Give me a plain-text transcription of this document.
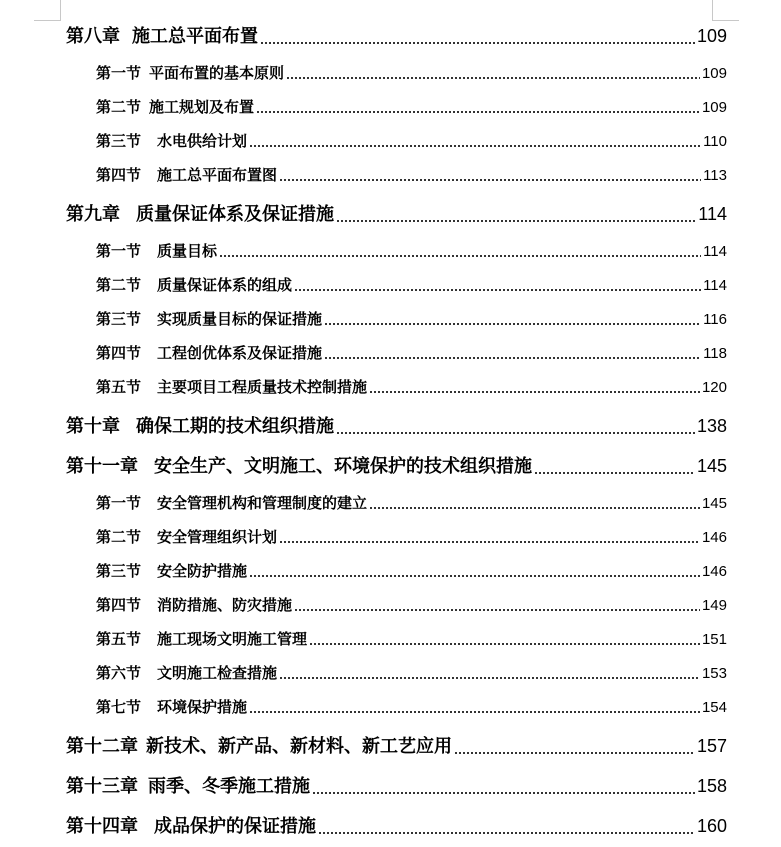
第八章 施工总平面布置	109
第一节 平面布置的基本原则	109
第二节 施工规划及布置	109
第三节 水电供给计划	110
第四节 施工总平面布置图	113
第九章 质量保证体系及保证措施	114
第一节 质量目标	114
第二节 质量保证体系的组成	114
第三节 实现质量目标的保证措施	116
第四节 工程创优体系及保证措施	118
第五节 主要项目工程质量技术控制措施	120
第十章 确保工期的技术组织措施	138
第十一章 安全生产、文明施工、环境保护的技术组织措施	145
第一节 安全管理机构和管理制度的建立	145
第二节 安全管理组织计划	146
第三节 安全防护措施	146
第四节 消防措施、防灾措施	149
第五节 施工现场文明施工管理	151
第六节 文明施工检查措施	153
第七节 环境保护措施	154
第十二章 新技术、新产品、新材料、新工艺应用	157
第十三章 雨季、冬季施工措施	158
第十四章 成品保护的保证措施	160
